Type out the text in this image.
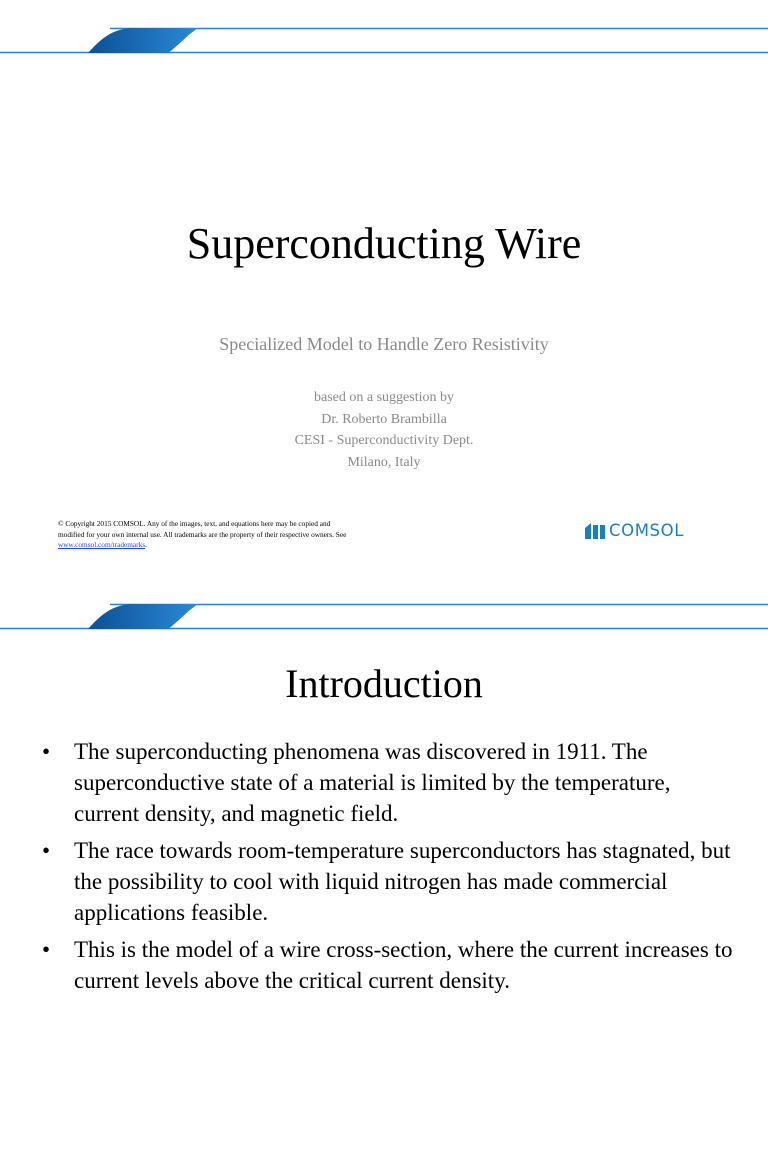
Superconducting Wire
Specialized Model to Handle Zero Resistivity
based on a suggestion by
Dr. Roberto Brambilla
CESI - Superconductivity Dept.
Milano, Italy
© Copyright 2015 COMSOL. Any of the images, text, and equations here may be copied and modified for your own internal use. All trademarks are the property of their respective owners. See www.comsol.com/trademarks.
COMSOL
Introduction
• The superconducting phenomena was discovered in 1911. The superconductive state of a material is limited by the temperature, current density, and magnetic field.
• The race towards room-temperature superconductors has stagnated, but the possibility to cool with liquid nitrogen has made commercial applications feasible.
• This is the model of a wire cross-section, where the current increases to current levels above the critical current density.
